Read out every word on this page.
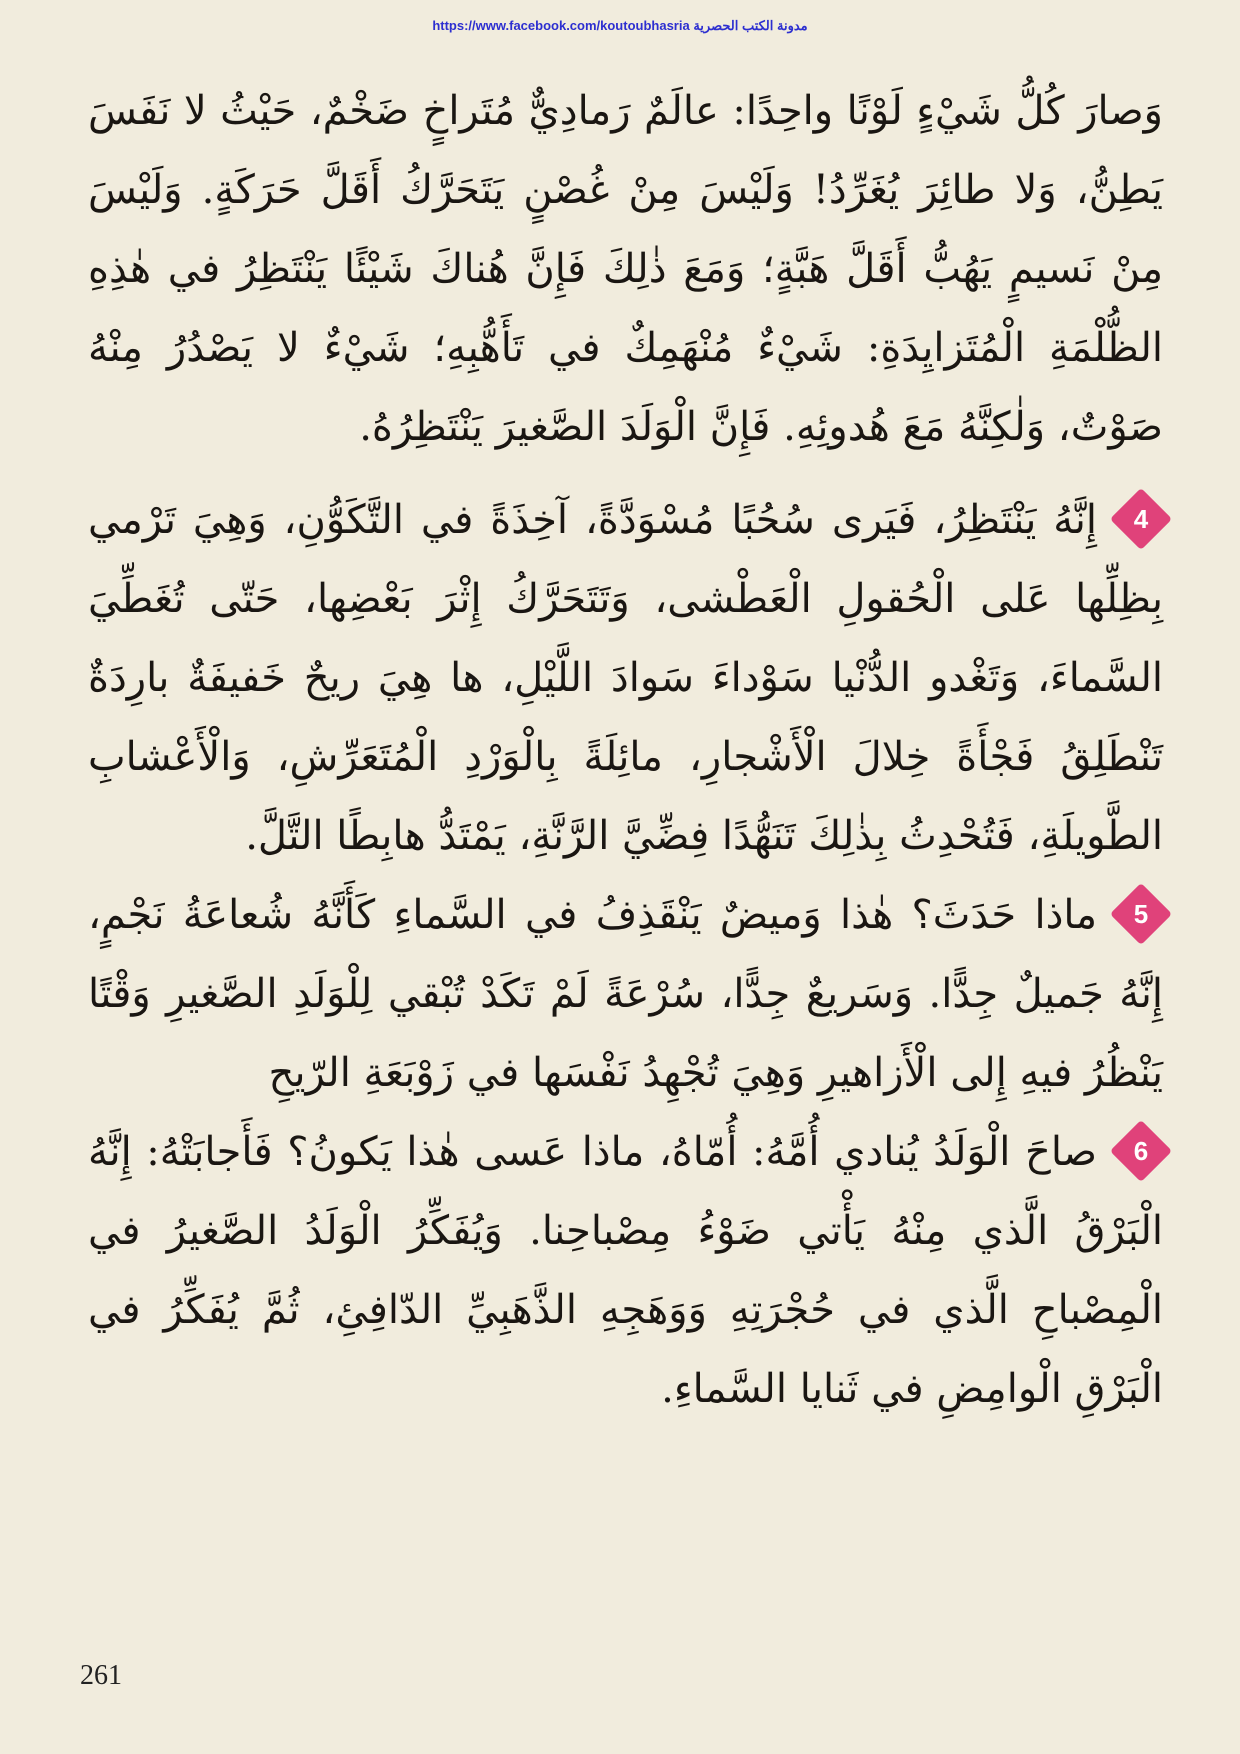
https://www.facebook.com/koutoubhasria مدونة الكتب الحصرية

وَصارَ كُلُّ شَيْءٍ لَوْنًا واحِدًا: عالَمٌ رَمادِيٌّ مُتَراخٍ ضَخْمٌ، حَيْثُ لا نَفَسَ يَطِنُّ، وَلا طائِرَ يُغَرِّدُ! وَلَيْسَ مِنْ غُصْنٍ يَتَحَرَّكُ أَقَلَّ حَرَكَةٍ. وَلَيْسَ مِنْ نَسيمٍ يَهُبُّ أَقَلَّ هَبَّةٍ؛ وَمَعَ ذٰلِكَ فَإِنَّ هُناكَ شَيْئًا يَنْتَظِرُ في هٰذِهِ الظُّلْمَةِ الْمُتَزايِدَةِ: شَيْءٌ مُنْهَمِكٌ في تَأَهُّبِهِ؛ شَيْءٌ لا يَصْدُرُ مِنْهُ صَوْتٌ، وَلٰكِنَّهُ مَعَ هُدوئِهِ. فَإِنَّ الْوَلَدَ الصَّغيرَ يَنْتَظِرُهُ.

4
إِنَّهُ يَنْتَظِرُ، فَيَرى سُحُبًا مُسْوَدَّةً، آخِذَةً في التَّكَوُّنِ، وَهِيَ تَرْمي بِظِلِّها عَلى الْحُقولِ الْعَطْشى، وَتَتَحَرَّكُ إِثْرَ بَعْضِها، حَتّى تُغَطِّيَ السَّماءَ، وَتَغْدو الدُّنْيا سَوْداءَ سَوادَ اللَّيْلِ، ها هِيَ ريحٌ خَفيفَةٌ بارِدَةٌ تَنْطَلِقُ فَجْأَةً خِلالَ الْأَشْجارِ، مائِلَةً بِالْوَرْدِ الْمُتَعَرِّشِ، وَالْأَعْشابِ الطَّويلَةِ، فَتُحْدِثُ بِذٰلِكَ تَنَهُّدًا فِضِّيَّ الرَّنَّةِ، يَمْتَدُّ هابِطًا التَّلَّ.

5
ماذا حَدَثَ؟ هٰذا وَميضٌ يَنْقَذِفُ في السَّماءِ كَأَنَّهُ شُعاعَةُ نَجْمٍ، إِنَّهُ جَميلٌ جِدًّا. وَسَريعٌ جِدًّا، سُرْعَةً لَمْ تَكَدْ تُبْقي لِلْوَلَدِ الصَّغيرِ وَقْتًا يَنْظُرُ فيهِ إِلى الْأَزاهيرِ وَهِيَ تُجْهِدُ نَفْسَها في زَوْبَعَةِ الرّيحِ

6
صاحَ الْوَلَدُ يُنادي أُمَّهُ: أُمّاهُ، ماذا عَسى هٰذا يَكونُ؟ فَأَجابَتْهُ: إِنَّهُ الْبَرْقُ الَّذي مِنْهُ يَأْتي ضَوْءُ مِصْباحِنا. وَيُفَكِّرُ الْوَلَدُ الصَّغيرُ في الْمِصْباحِ الَّذي في حُجْرَتِهِ وَوَهَجِهِ الذَّهَبِيِّ الدّافِئِ، ثُمَّ يُفَكِّرُ في الْبَرْقِ الْوامِضِ في ثَنايا السَّماءِ.

261
